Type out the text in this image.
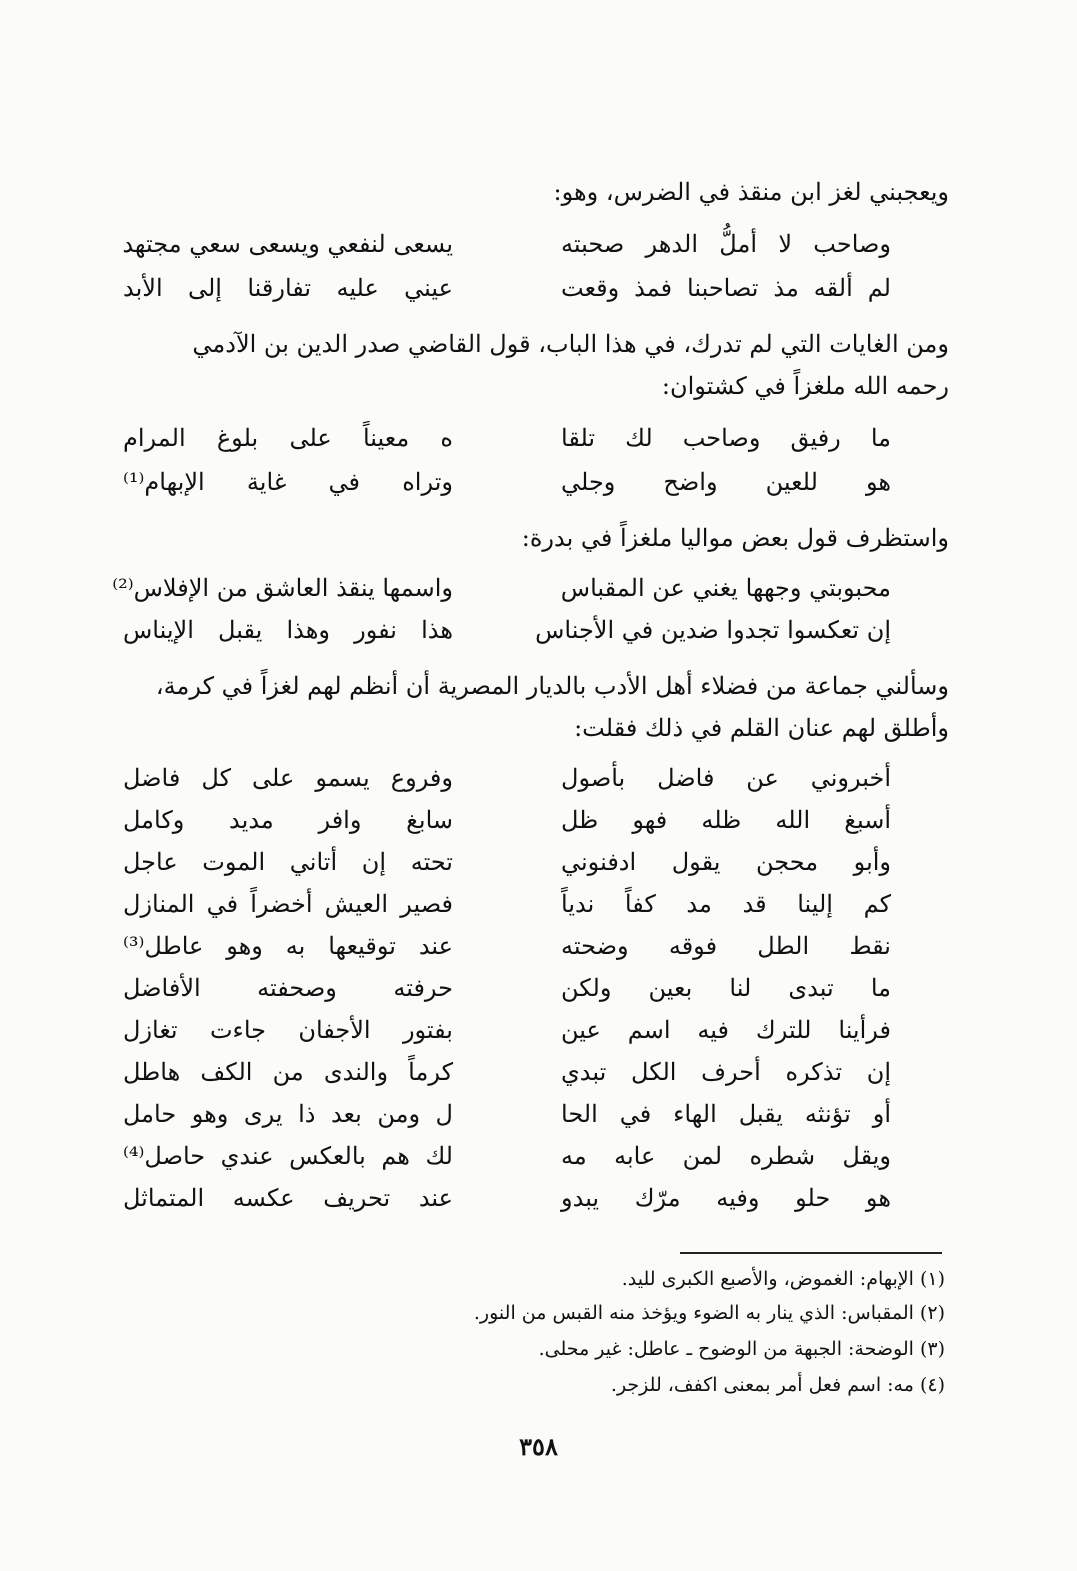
ويعجبني لغز ابن منقذ في الضرس، وهو:
وصاحب لا أملُّ الدهر صحبته
يسعى لنفعي ويسعى سعي مجتهد
لم ألقه مذ تصاحبنا فمذ وقعت
عيني عليه تفارقنا إلى الأبد
ومن الغايات التي لم تدرك، في هذا الباب، قول القاضي صدر الدين بن الآدمي
رحمه الله ملغزاً في كشتوان:
ما رفيق وصاحب لك تلقا
ه معيناً على بلوغ المرام
هو للعين واضح وجلي
وتراه في غاية الإبهام⁽¹⁾
واستظرف قول بعض مواليا ملغزاً في بدرة:
محبوبتي وجهها يغني عن المقباس
واسمها ينقذ العاشق من الإفلاس⁽²⁾
إن تعكسوا تجدوا ضدين في الأجناس
هذا نفور وهذا يقبل الإيناس
وسألني جماعة من فضلاء أهل الأدب بالديار المصرية أن أنظم لهم لغزاً في كرمة،
وأطلق لهم عنان القلم في ذلك فقلت:
أخبروني عن فاضل بأصول
وفروع يسمو على كل فاضل
أسبغ الله ظله فهو ظل
سابغ وافر مديد وكامل
وأبو محجن يقول ادفنوني
تحته إن أتاني الموت عاجل
كم إلينا قد مد كفاً ندياً
فصير العيش أخضراً في المنازل
نقط الطل فوقه وضحته
عند توقيعها به وهو عاطل⁽³⁾
ما تبدى لنا بعين ولكن
حرفته وصحفته الأفاضل
فرأينا للترك فيه اسم عين
بفتور الأجفان جاءت تغازل
إن تذكره أحرف الكل تبدي
كرماً والندى من الكف هاطل
أو تؤنثه يقبل الهاء في الحا
ل ومن بعد ذا يرى وهو حامل
ويقل شطره لمن عابه مه
لك هم بالعكس عندي حاصل⁽⁴⁾
هو حلو وفيه مرّك يبدو
عند تحريف عكسه المتماثل
(١) الإبهام: الغموض، والأصبع الكبرى لليد.
(٢) المقباس: الذي ينار به الضوء ويؤخذ منه القبس من النور.
(٣) الوضحة: الجبهة من الوضوح ـ عاطل: غير محلى.
(٤) مه: اسم فعل أمر بمعنى اكفف، للزجر.
٣٥٨
